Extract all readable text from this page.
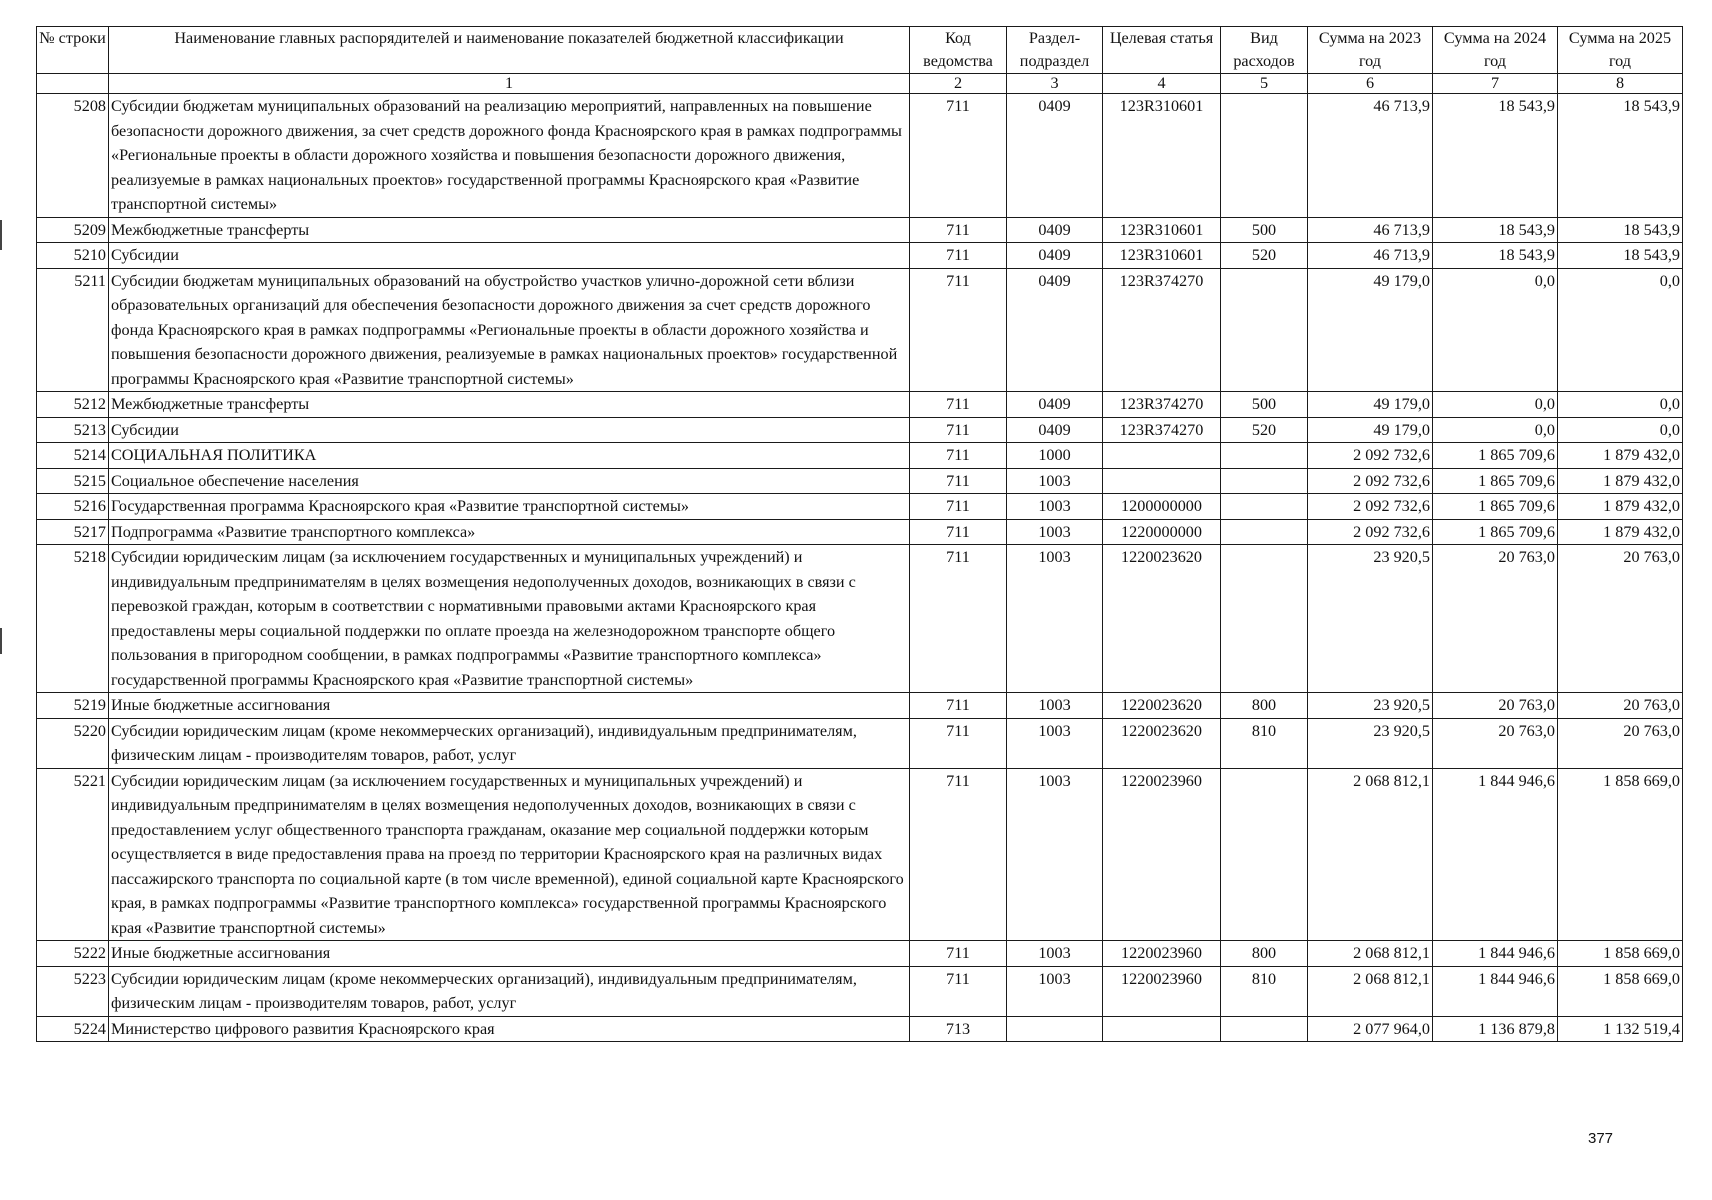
№ строки	Наименование главных распорядителей и наименование показателей бюджетной классификации	Код ведомства	Раздел-подраздел	Целевая статья	Вид расходов	Сумма на 2023 год	Сумма на 2024 год	Сумма на 2025 год
	1	2	3	4	5	6	7	8
5208	Субсидии бюджетам муниципальных образований на реализацию мероприятий, направленных на повышение безопасности дорожного движения, за счет средств дорожного фонда Красноярского края в рамках подпрограммы «Региональные проекты в области дорожного хозяйства и повышения безопасности дорожного движения, реализуемые в рамках национальных проектов» государственной программы Красноярского края «Развитие транспортной системы»	711	0409	123R310601		46 713,9	18 543,9	18 543,9
5209	Межбюджетные трансферты	711	0409	123R310601	500	46 713,9	18 543,9	18 543,9
5210	Субсидии	711	0409	123R310601	520	46 713,9	18 543,9	18 543,9
5211	Субсидии бюджетам муниципальных образований на обустройство участков улично-дорожной сети вблизи образовательных организаций для обеспечения безопасности дорожного движения за счет средств дорожного фонда Красноярского края в рамках подпрограммы «Региональные проекты в области дорожного хозяйства и повышения безопасности дорожного движения, реализуемые в рамках национальных проектов» государственной программы Красноярского края «Развитие транспортной системы»	711	0409	123R374270		49 179,0	0,0	0,0
5212	Межбюджетные трансферты	711	0409	123R374270	500	49 179,0	0,0	0,0
5213	Субсидии	711	0409	123R374270	520	49 179,0	0,0	0,0
5214	СОЦИАЛЬНАЯ ПОЛИТИКА	711	1000			2 092 732,6	1 865 709,6	1 879 432,0
5215	Социальное обеспечение населения	711	1003			2 092 732,6	1 865 709,6	1 879 432,0
5216	Государственная программа Красноярского края «Развитие транспортной системы»	711	1003	1200000000		2 092 732,6	1 865 709,6	1 879 432,0
5217	Подпрограмма «Развитие транспортного комплекса»	711	1003	1220000000		2 092 732,6	1 865 709,6	1 879 432,0
5218	Субсидии юридическим лицам (за исключением государственных и муниципальных учреждений) и индивидуальным предпринимателям в целях возмещения недополученных доходов, возникающих в связи с перевозкой граждан, которым в соответствии с нормативными правовыми актами Красноярского края предоставлены меры социальной поддержки по оплате проезда на железнодорожном транспорте общего пользования в пригородном сообщении, в рамках подпрограммы «Развитие транспортного комплекса» государственной программы Красноярского края «Развитие транспортной системы»	711	1003	1220023620		23 920,5	20 763,0	20 763,0
5219	Иные бюджетные ассигнования	711	1003	1220023620	800	23 920,5	20 763,0	20 763,0
5220	Субсидии юридическим лицам (кроме некоммерческих организаций), индивидуальным предпринимателям, физическим лицам - производителям товаров, работ, услуг	711	1003	1220023620	810	23 920,5	20 763,0	20 763,0
5221	Субсидии юридическим лицам (за исключением государственных и муниципальных учреждений) и индивидуальным предпринимателям в целях возмещения недополученных доходов, возникающих в связи с предоставлением услуг общественного транспорта гражданам, оказание мер социальной поддержки которым осуществляется в виде предоставления права на проезд по территории Красноярского края на различных видах пассажирского транспорта по социальной карте (в том числе временной), единой социальной карте Красноярского края, в рамках подпрограммы «Развитие транспортного комплекса» государственной программы Красноярского края «Развитие транспортной системы»	711	1003	1220023960		2 068 812,1	1 844 946,6	1 858 669,0
5222	Иные бюджетные ассигнования	711	1003	1220023960	800	2 068 812,1	1 844 946,6	1 858 669,0
5223	Субсидии юридическим лицам (кроме некоммерческих организаций), индивидуальным предпринимателям, физическим лицам - производителям товаров, работ, услуг	711	1003	1220023960	810	2 068 812,1	1 844 946,6	1 858 669,0
5224	Министерство цифрового развития Красноярского края	713				2 077 964,0	1 136 879,8	1 132 519,4
377
